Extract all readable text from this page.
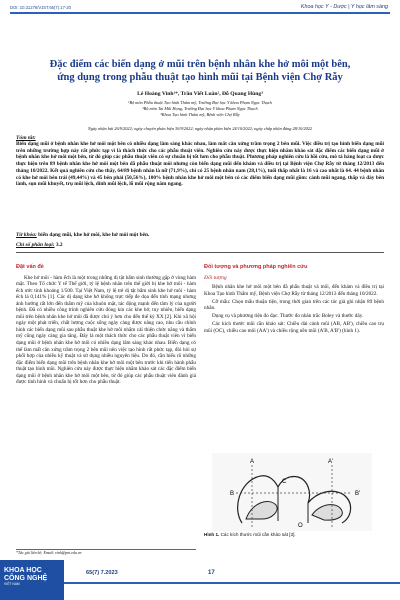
DOI: 10.31276/VJST.65(7).17-20	Khoa học Y - Dược | Y học lâm sàng
Đặc điểm các biến dạng ở mũi trên bệnh nhân khe hở môi một bên,
ứng dụng trong phẫu thuật tạo hình mũi tại Bệnh viện Chợ Rẫy
Lê Hoàng Vinh¹*, Trần Viết Luân², Đỗ Quang Hùng³
¹Bộ môn Phẫu thuật Tạo hình Thẩm mỹ, Trường Đại học Y khoa Phạm Ngọc Thạch
²Bộ môn Tai Mũi Họng, Trường Đại học Y khoa Phạm Ngọc Thạch
³Khoa Tạo hình Thẩm mỹ, Bệnh viện Chợ Rẫy
Ngày nhận bài 26/9/2022; ngày chuyển phản biện 30/9/2022; ngày nhận phản biện 24/10/2022; ngày chấp nhận đăng 28/10/2022
Tóm tắt:
Biến dạng mũi ở bệnh nhân khe hở môi một bên có nhiều dạng lâm sàng khác nhau, làm mất cân xứng trầm trọng 2 bên mũi. Việc điều trị tạo hình biến dạng mũi trên những trường hợp này rất phức tạp vì là thách thức cho các phẫu thuật viên. Nghiên cứu này được thực hiện nhằm khảo sát đặc điểm các biến dạng mũi ở bệnh nhân khe hở môi một bên, từ đó giúp các phẫu thuật viên có sự chuẩn bị tốt hơn cho phẫu thuật. Phương pháp nghiên cứu là hồi cứu, mô tả hàng loạt ca được thực hiện trên 89 bệnh nhân khe hở môi một bên đã phẫu thuật môi nhưng còn biến dạng mũi đến khám và điều trị tại Bệnh viện Chợ Rẫy từ tháng 12/2013 đến tháng 10/2022. Kết quả nghiên cứu cho thấy, 64/89 bệnh nhân là nữ (71,9%), chỉ có 25 bệnh nhân nam (28,1%), tuổi thấp nhất là 16 và cao nhất là 64. 44 bệnh nhân có khe hở môi bên trái (49,44%) và 45 bên phải (50,56%), 100% bệnh nhân khe hở môi một bên có các điểm biến dạng mũi gồm: cánh mũi ngang, thấp và đáy bên lành, sụn mũi khuyết, trụ mũi lệch, đỉnh mũi lệch, lỗ mũi rộng nằm ngang.
Từ khóa: biến dạng mũi, khe hở môi, khe hở môi một bên.
Chỉ số phân loại: 3.2
Đặt vấn đề

Khe hở môi - hàm ếch là một trong những dị tật bẩm sinh thường gặp ở vùng hàm mặt. Theo Tổ chức Y tế Thế giới, tỷ lệ bệnh nhân trên thế giới bị khe hở môi - hàm ếch ước tính khoảng 1/500. Tại Việt Nam, tỷ lệ trẻ dị tật bẩm sinh khe hở môi - hàm ếch là 0,141% [1]. Các dị dạng khe hở không trực tiếp đe dọa đến tính mạng nhưng ảnh hưởng rất lớn đến thẩm mỹ của khuôn mặt, tác động mạnh đến tâm lý của người bệnh. Đã có nhiều công trình nghiên cứu đóng kín các khe hở, tuy nhiên, biến dạng mũi trên bệnh nhân khe hở môi đã được chú ý hơn cho đến thế kỷ XX [2]. Khi xã hội ngày một phát triển, chất lượng cuộc sống ngày càng được nâng cao, nhu cầu chỉnh hình các biến dạng mũi sau phẫu thuật khe hở môi nhằm cải thiện chức năng và thẩm mỹ cũng ngày càng gia tăng. Đây là một thách thức cho các phẫu thuật viên vì biến dạng mũi ở bệnh nhân khe hở môi có nhiều dạng lâm sàng khác nhau. Biến dạng có thể làm mất cân xứng trầm trọng 2 bên mũi nên việc tạo hình rất phức tạp, đòi hỏi sự phối hợp của nhiều kỹ thuật và sử dụng nhiều nguyên liệu. Do đó, cần hiểu rõ những đặc điểm biến dạng mũi trên bệnh nhân khe hở môi một bên trước khi tiến hành phẫu thuật tạo hình mũi. Nghiên cứu này được thực hiện nhằm khảo sát các đặc điểm biến dạng mũi ở bệnh nhân khe hở môi một bên, từ đó giúp các phẫu thuật viên đánh giá được tình hình và chuẩn bị tốt hơn cho phẫu thuật.

*Tác giả liên hệ: Email: vinh@pnt.edu.vn
Đối tượng và phương pháp nghiên cứu
Đối tượng

Bệnh nhân khe hở môi một bên đã phẫu thuật và môi, đến khám và điều trị tại Khoa Tạo hình Thẩm mỹ, Bệnh viện Chợ Rẫy từ tháng 12/2013 đến tháng 10/2022.

Cỡ mẫu: Chọn mẫu thuận tiện, trong thời gian trên các tác giả ghi nhận 89 bệnh nhân.

Dụng cụ và phương tiện đo đạc: Thước đo nhân trắc Boley và thước dây.

Các kích thước mũi cần khảo sát: Chiều dài cánh mũi (AB, AB'), chiều cao trụ mũi (OC), chiều cao môi (AA') và chiều rộng nền mũi (A'B, A'B') (hình 1).

A
B
C
O
A'
B'
Hình 1. Các kích thước mũi cần khảo sát [3].
KHOA HỌC
CÔNG NGHỆ
VIỆT NAM
65(7) 7.2023	17
